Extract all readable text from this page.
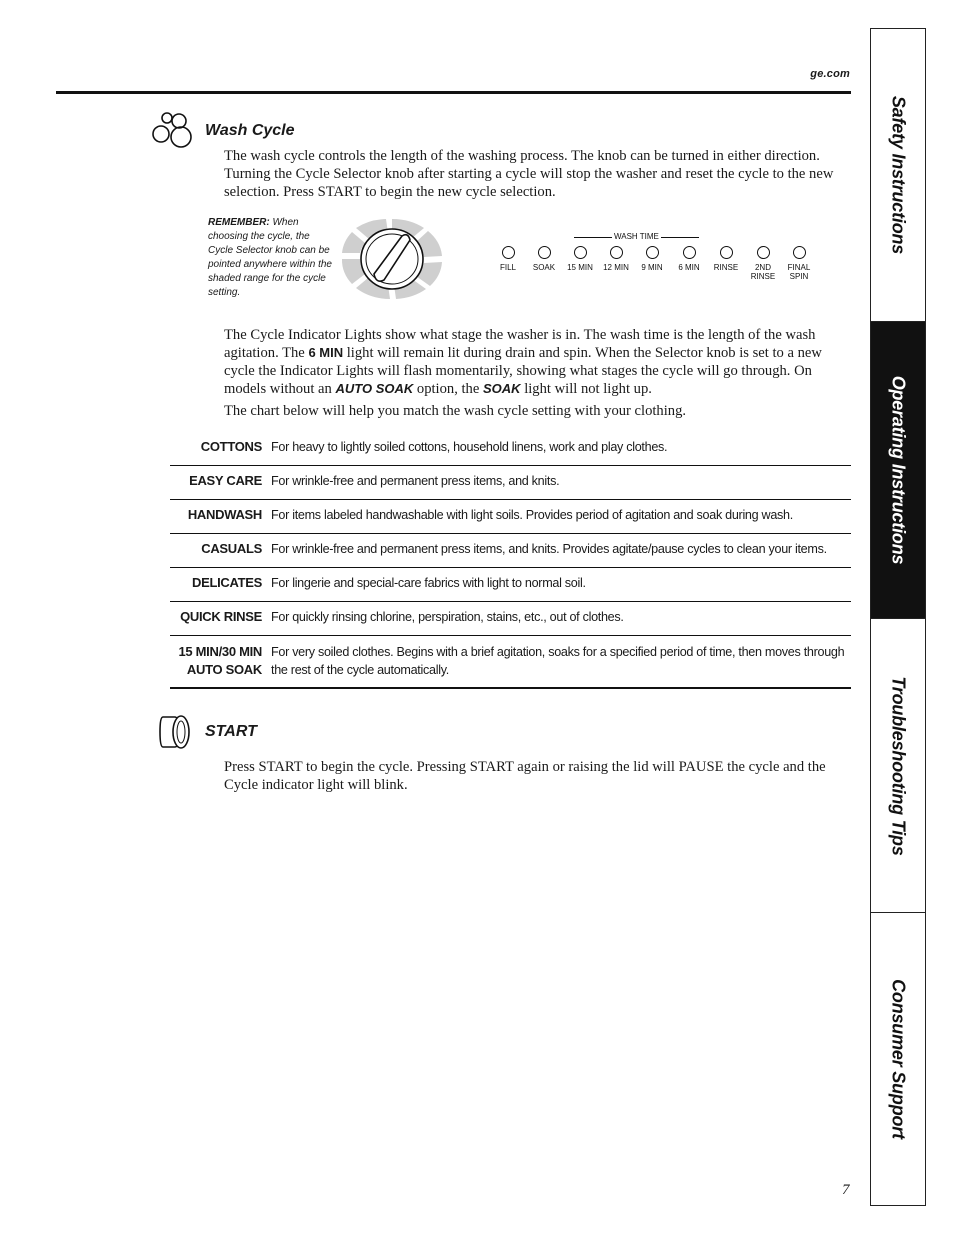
ge.com
Safety Instructions
Operating Instructions
Troubleshooting Tips
Consumer Support
Wash Cycle

The wash cycle controls the length of the washing process. The knob can be turned in either direction. Turning the Cycle Selector knob after starting a cycle will stop the washer and reset the cycle to the new selection. Press START to begin the new cycle selection.

REMEMBER: When choosing the cycle, the Cycle Selector knob can be pointed anywhere within the shaded range for the cycle setting.
WASH TIME
FILL	SOAK	15 MIN	12 MIN	9 MIN	6 MIN	RINSE	2ND
RINSE
FINAL
SPIN

The Cycle Indicator Lights show what stage the washer is in. The wash time is the length of the wash agitation. The 6 MIN light will remain lit during drain and spin. When the Selector knob is set to a new cycle the Indicator Lights will flash momentarily, showing what stages the cycle will go through. On models without an AUTO SOAK option, the SOAK light will not light up.

The chart below will help you match the wash cycle setting with your clothing.

COTTONS For heavy to lightly soiled cottons, household linens, work and play clothes.
EASY CARE For wrinkle-free and permanent press items, and knits.
HANDWASH For items labeled handwashable with light soils. Provides period of agitation and soak during wash.
CASUALS For wrinkle-free and permanent press items, and knits. Provides agitate/pause cycles to clean your items.
DELICATES For lingerie and special-care fabrics with light to normal soil.
QUICK RINSE For quickly rinsing chlorine, perspiration, stains, etc., out of clothes.
15 MIN/30 MIN
AUTO SOAK
For very soiled clothes. Begins with a brief agitation, soaks for a specified period of time, then moves through the rest of the cycle automatically.
START

Press START to begin the cycle. Pressing START again or raising the lid will PAUSE the cycle and the Cycle indicator light will blink.

7
